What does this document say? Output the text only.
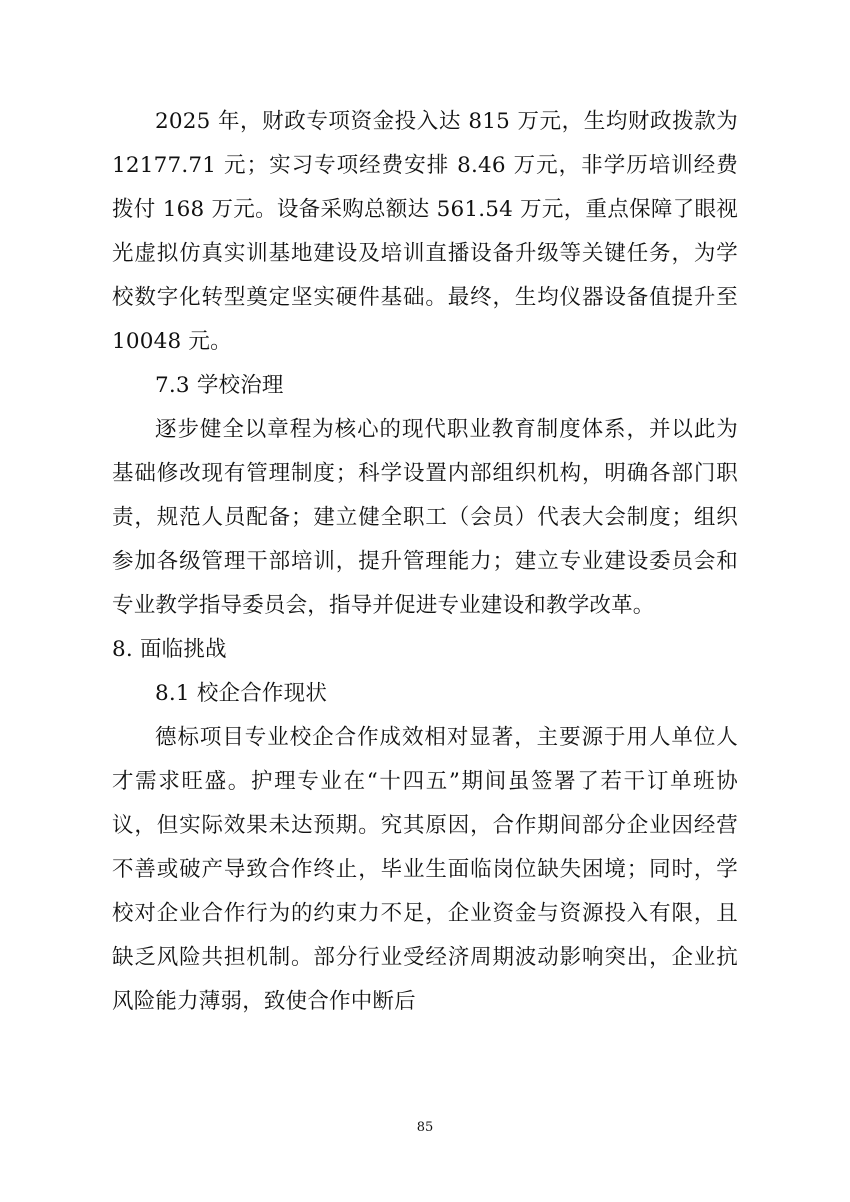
2025 年，财政专项资金投入达 815 万元，生均财政拨款为 12177.71 元；实习专项经费安排 8.46 万元，非学历培训经费拨付 168 万元。设备采购总额达 561.54 万元，重点保障了眼视光虚拟仿真实训基地建设及培训直播设备升级等关键任务，为学校数字化转型奠定坚实硬件基础。最终，生均仪器设备值提升至 10048 元。

7.3 学校治理

逐步健全以章程为核心的现代职业教育制度体系，并以此为基础修改现有管理制度；科学设置内部组织机构，明确各部门职责，规范人员配备；建立健全职工（会员）代表大会制度；组织参加各级管理干部培训，提升管理能力；建立专业建设委员会和专业教学指导委员会，指导并促进专业建设和教学改革。

8. 面临挑战
8.1 校企合作现状

德标项目专业校企合作成效相对显著，主要源于用人单位人才需求旺盛。护理专业在“十四五”期间虽签署了若干订单班协议，但实际效果未达预期。究其原因，合作期间部分企业因经营不善或破产导致合作终止，毕业生面临岗位缺失困境；同时，学校对企业合作行为的约束力不足，企业资金与资源投入有限，且缺乏风险共担机制。部分行业受经济周期波动影响突出，企业抗风险能力薄弱，致使合作中断后

85
